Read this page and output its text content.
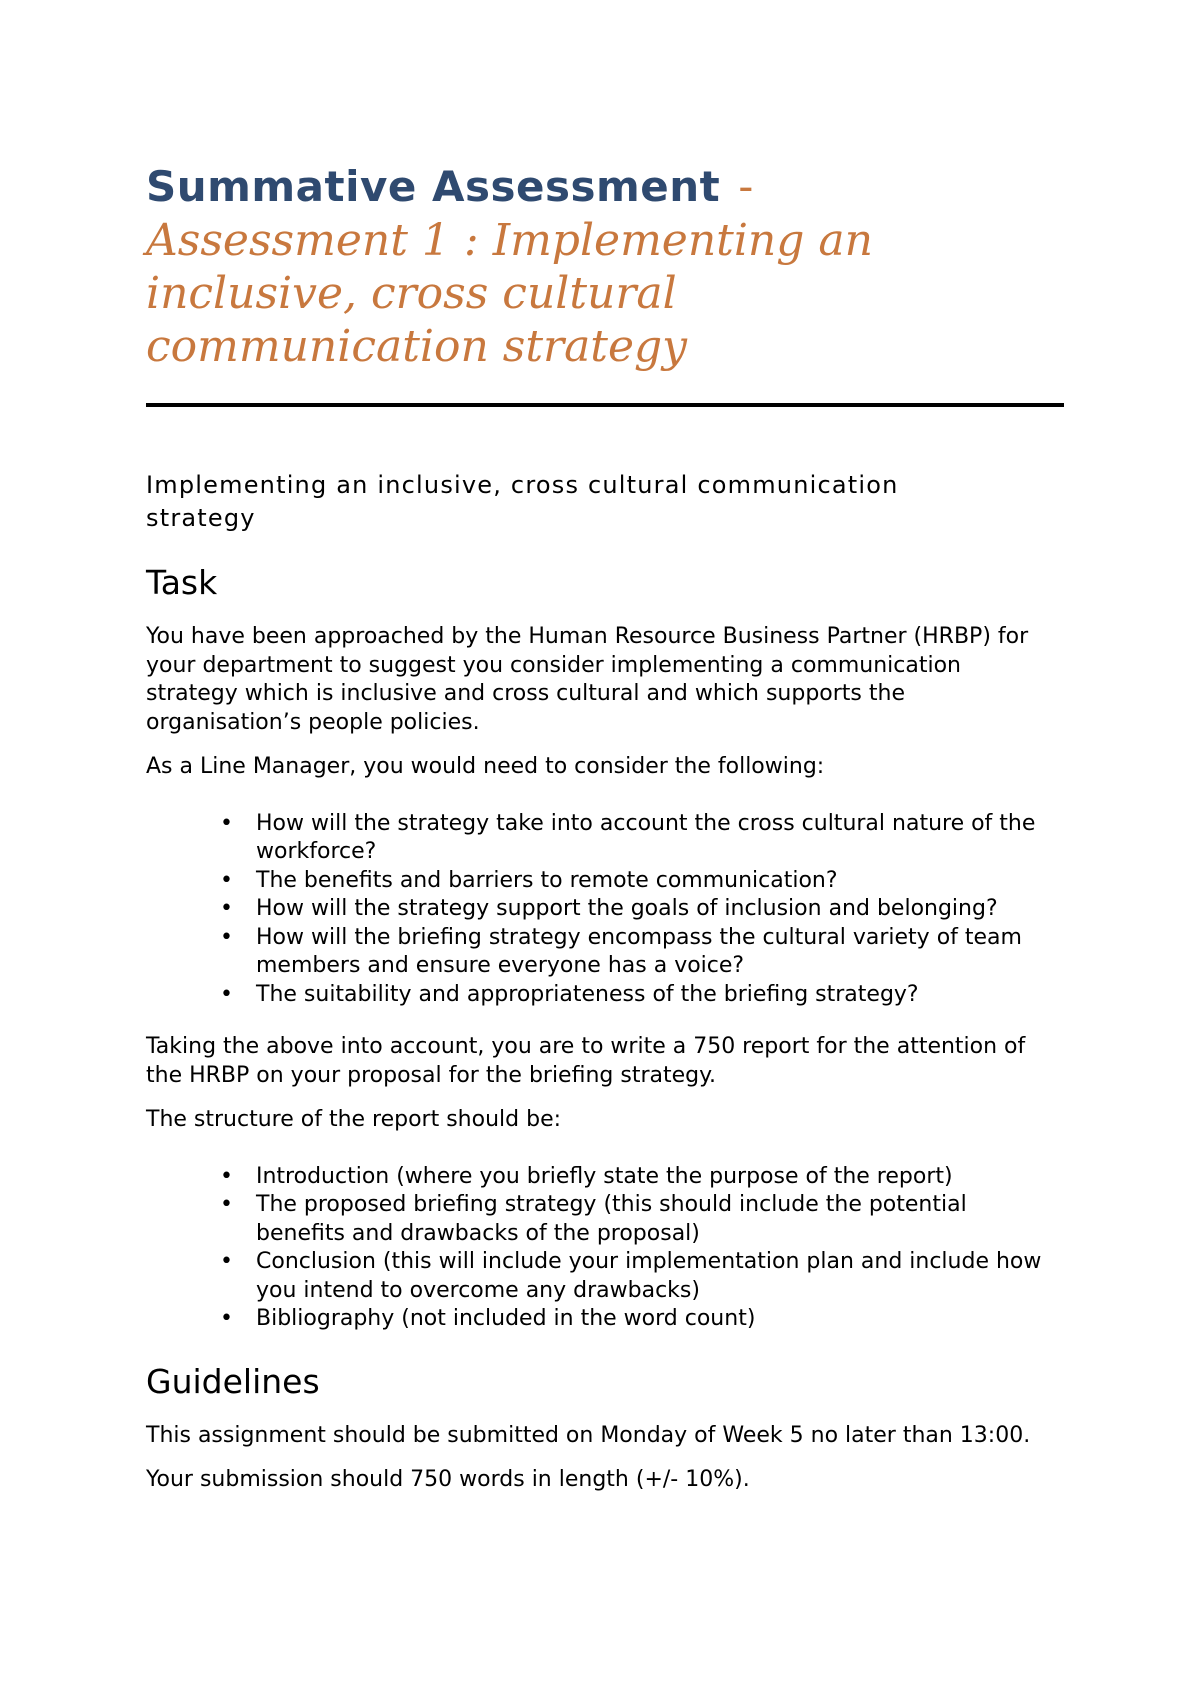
Summative Assessment -

Assessment 1 : Implementing an inclusive, cross cultural communication strategy

Implementing an inclusive, cross cultural communication strategy
Task

You have been approached by the Human Resource Business Partner (HRBP) for your department to suggest you consider implementing a communication strategy which is inclusive and cross cultural and which supports the organisation’s people policies.

As a Line Manager, you would need to consider the following:

• How will the strategy take into account the cross cultural nature of the workforce?
• The benefits and barriers to remote communication?
• How will the strategy support the goals of inclusion and belonging?
• How will the briefing strategy encompass the cultural variety of team members and ensure everyone has a voice?
• The suitability and appropriateness of the briefing strategy?

Taking the above into account, you are to write a 750 report for the attention of the HRBP on your proposal for the briefing strategy.

The structure of the report should be:

• Introduction (where you briefly state the purpose of the report)
• The proposed briefing strategy (this should include the potential benefits and drawbacks of the proposal)
• Conclusion (this will include your implementation plan and include how you intend to overcome any drawbacks)
• Bibliography (not included in the word count)
Guidelines

This assignment should be submitted on Monday of Week 5 no later than 13:00.

Your submission should 750 words in length (+/- 10%).
